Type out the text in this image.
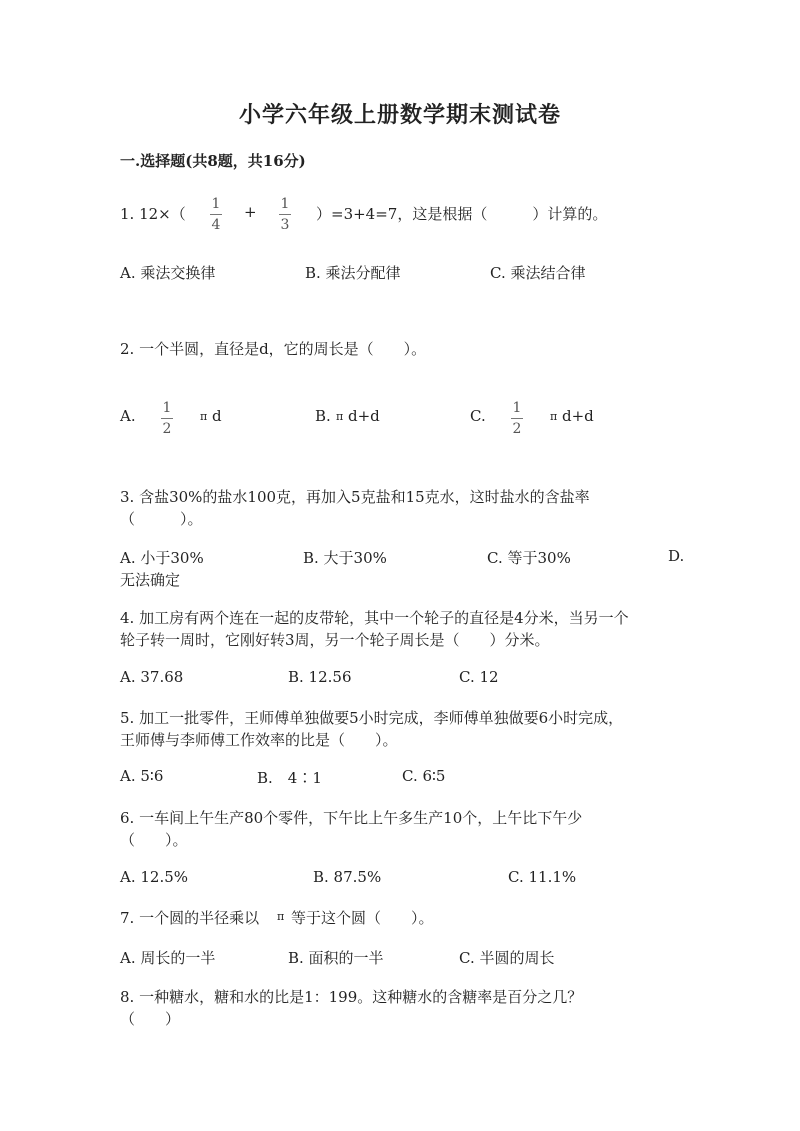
小学六年级上册数学期末测试卷
一.选择题(共8题，共16分)
1. 12×（
1
4
+ 1
3
）=3+4=7，这是根据（　　　）计算的。
A. 乘法交换律	B. 乘法分配律	C. 乘法结合律
2. 一个半圆，直径是d，它的周长是（　　）。
A. 1
2
π d	B. π d+d	C. 1
2
π d+d
3. 含盐30%的盐水100克，再加入5克盐和15克水，这时盐水的含盐率
（　　　）。
A. 小于30%	B. 大于30%	C. 等于30%	D.
无法确定
4. 加工房有两个连在一起的皮带轮，其中一个轮子的直径是4分米，当另一个
轮子转一周时，它刚好转3周，另一个轮子周长是（　　）分米。
A. 37.68	B. 12.56	C. 12
5. 加工一批零件，王师傅单独做要5小时完成，李师傅单独做要6小时完成，
王师傅与李师傅工作效率的比是（　　）。
A. 5∶6	B.　4∶1	C. 6∶5
6. 一车间上午生产80个零件，下午比上午多生产10个，上午比下午少
（　　）。
A. 12.5%	B. 87.5%	C. 11.1%
7. 一个圆的半径乘以 π 等于这个圆（　　）。
A. 周长的一半	B. 面积的一半	C. 半圆的周长
8. 一种糖水，糖和水的比是1：199。这种糖水的含糖率是百分之几？
（　　）
